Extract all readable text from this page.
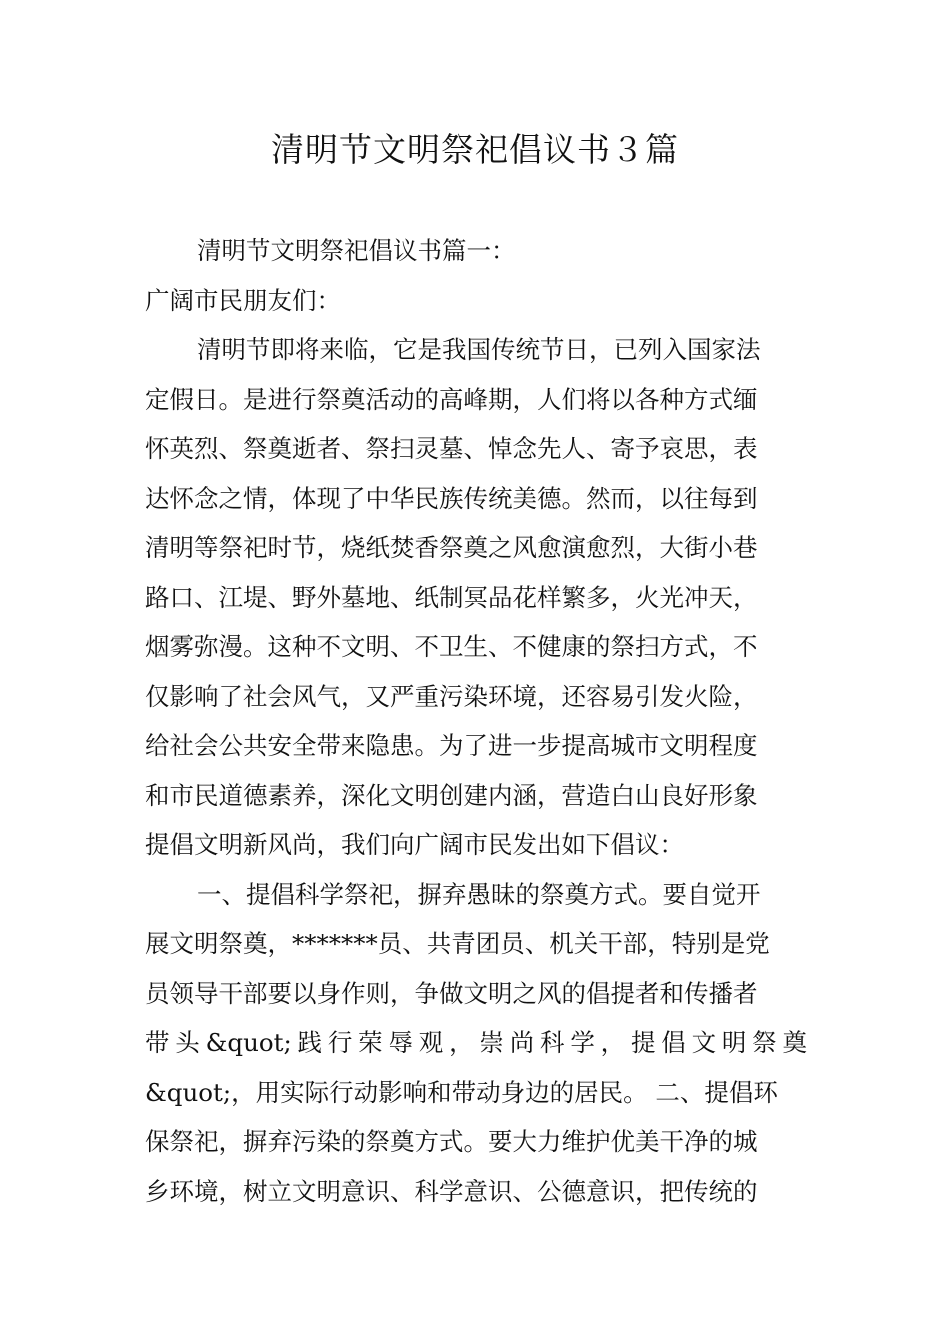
清明节文明祭祀倡议书３篇
清明节文明祭祀倡议书篇一：
广阔市民朋友们：
清明节即将来临，它是我国传统节日，已列入国家法
定假日。是进行祭奠活动的高峰期，人们将以各种方式缅
怀英烈、祭奠逝者、祭扫灵墓、悼念先人、寄予哀思，表
达怀念之情，体现了中华民族传统美德。然而，以往每到
清明等祭祀时节，烧纸焚香祭奠之风愈演愈烈，大街小巷
路口、江堤、野外墓地、纸制冥品花样繁多，火光冲天，
烟雾弥漫。这种不文明、不卫生、不健康的祭扫方式，不
仅影响了社会风气，又严重污染环境，还容易引发火险，
给社会公共安全带来隐患。为了进一步提高城市文明程度
和市民道德素养，深化文明创建内涵，营造白山良好形象
提倡文明新风尚，我们向广阔市民发出如下倡议：
一、提倡科学祭祀，摒弃愚昧的祭奠方式。要自觉开
展文明祭奠，*******员、共青团员、机关干部，特别是党
员领导干部要以身作则，争做文明之风的倡提者和传播者
带头&quot;践行荣辱观，崇尚科学，提倡文明祭奠
&quot;，用实际行动影响和带动身边的居民。 二、提倡环
保祭祀，摒弃污染的祭奠方式。要大力维护优美干净的城
乡环境，树立文明意识、科学意识、公德意识，把传统的
